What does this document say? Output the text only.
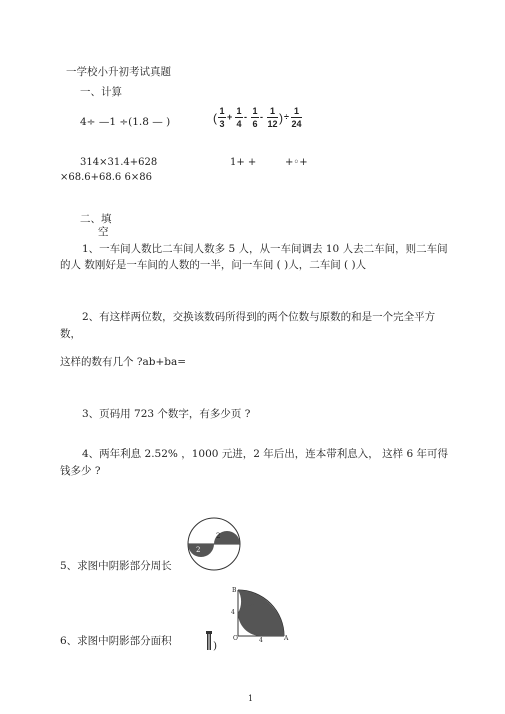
一学校小升初考试真题
一、计算
4÷ —1 ÷(1.8 — )	( 1
3
+
1
4
-
1
6
-
1
12 ) ÷
1
24
314×31.4+628	1+ +	+◦+
×68.6+68.6 6×86
二、填
空
1、一车间人数比二车间人数多 5 人，从一车间调去 10 人去二车间，则二车间的人 数刚好是一车间的人数的一半，问一车间 ( )人，二车间 ( )人
2、有这样两位数，交换该数码所得到的两个位数与原数的和是一个完全平方数，
这样的数有几个 ?ab+ba=
3、页码用 723 个数字，有多少页 ?
4、两年利息 2.52% ，1000 元进，2 年后出，连本带利息入， 这样 6 年可得钱多少 ?
5、求图中阴影部分周长
6、求图中阴影部分面积	)
2
2
B
4
O	4	A
1
